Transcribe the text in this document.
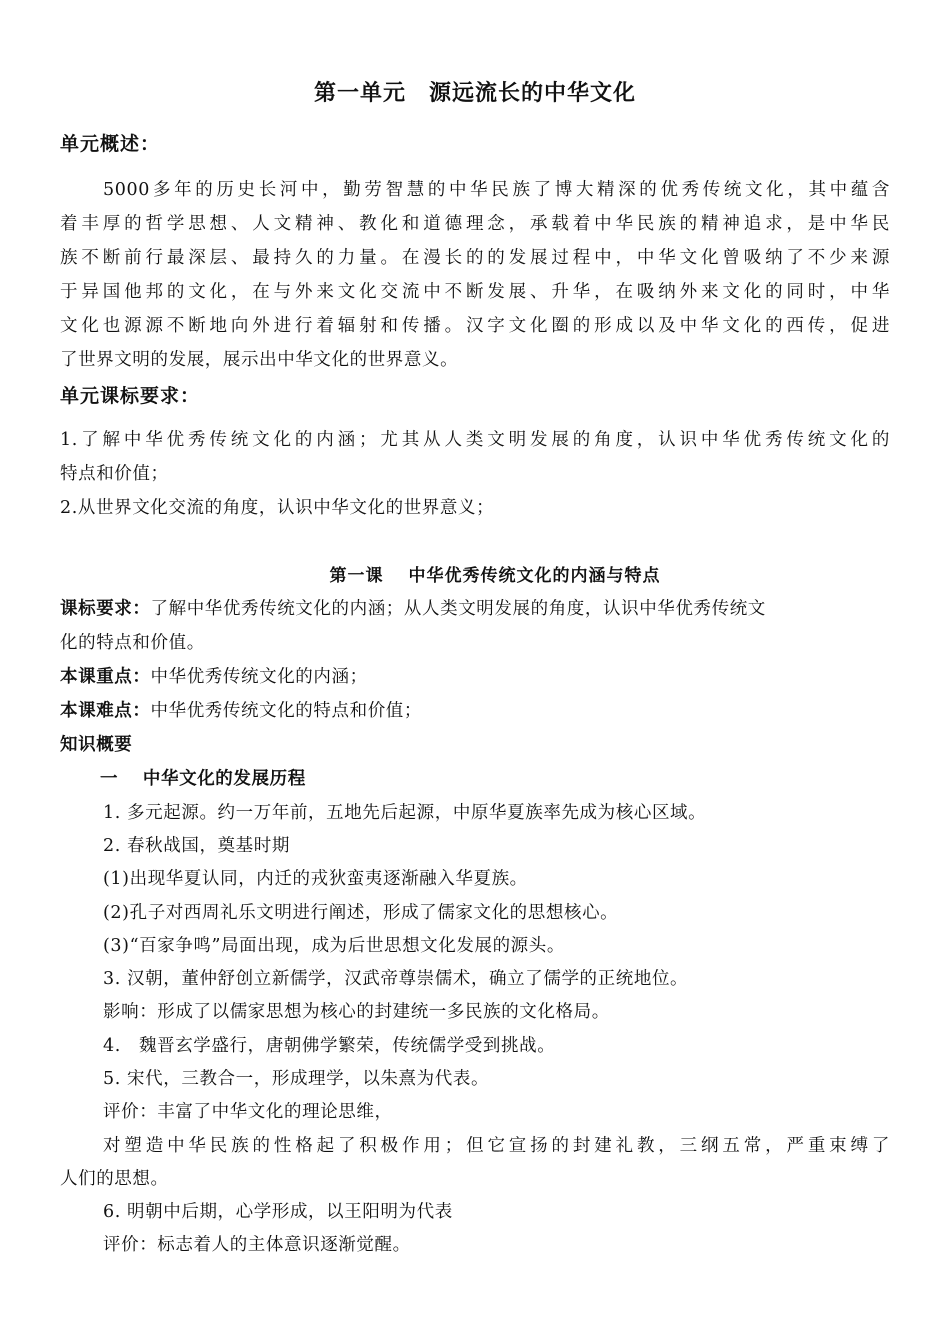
第一单元　源远流长的中华文化
单元概述：
5000多年的历史长河中，勤劳智慧的中华民族了博大精深的优秀传统文化，其中蕴含
着丰厚的哲学思想、人文精神、教化和道德理念，承载着中华民族的精神追求，是中华民
族不断前行最深层、最持久的力量。在漫长的的发展过程中，中华文化曾吸纳了不少来源
于异国他邦的文化，在与外来文化交流中不断发展、升华，在吸纳外来文化的同时，中华
文化也源源不断地向外进行着辐射和传播。汉字文化圈的形成以及中华文化的西传，促进
了世界文明的发展，展示出中华文化的世界意义。
单元课标要求：
1.了解中华优秀传统文化的内涵；尤其从人类文明发展的角度，认识中华优秀传统文化的
特点和价值；
2.从世界文化交流的角度，认识中华文化的世界意义；
第一课　 中华优秀传统文化的内涵与特点
课标要求：了解中华优秀传统文化的内涵；从人类文明发展的角度，认识中华优秀传统文
化的特点和价值。
本课重点：中华优秀传统文化的内涵；
本课难点：中华优秀传统文化的特点和价值；
知识概要
一　 中华文化的发展历程
1. 多元起源。约一万年前，五地先后起源，中原华夏族率先成为核心区域。
2. 春秋战国，奠基时期
(1)出现华夏认同，内迁的戎狄蛮夷逐渐融入华夏族。
(2)孔子对西周礼乐文明进行阐述，形成了儒家文化的思想核心。
(3)“百家争鸣”局面出现，成为后世思想文化发展的源头。
3. 汉朝，董仲舒创立新儒学，汉武帝尊崇儒术，确立了儒学的正统地位。
影响：形成了以儒家思想为核心的封建统一多民族的文化格局。
4.　魏晋玄学盛行，唐朝佛学繁荣，传统儒学受到挑战。
5. 宋代，三教合一，形成理学，以朱熹为代表。
评价：丰富了中华文化的理论思维，
对塑造中华民族的性格起了积极作用；但它宣扬的封建礼教，三纲五常，严重束缚了
人们的思想。
6. 明朝中后期，心学形成，以王阳明为代表
评价：标志着人的主体意识逐渐觉醒。
